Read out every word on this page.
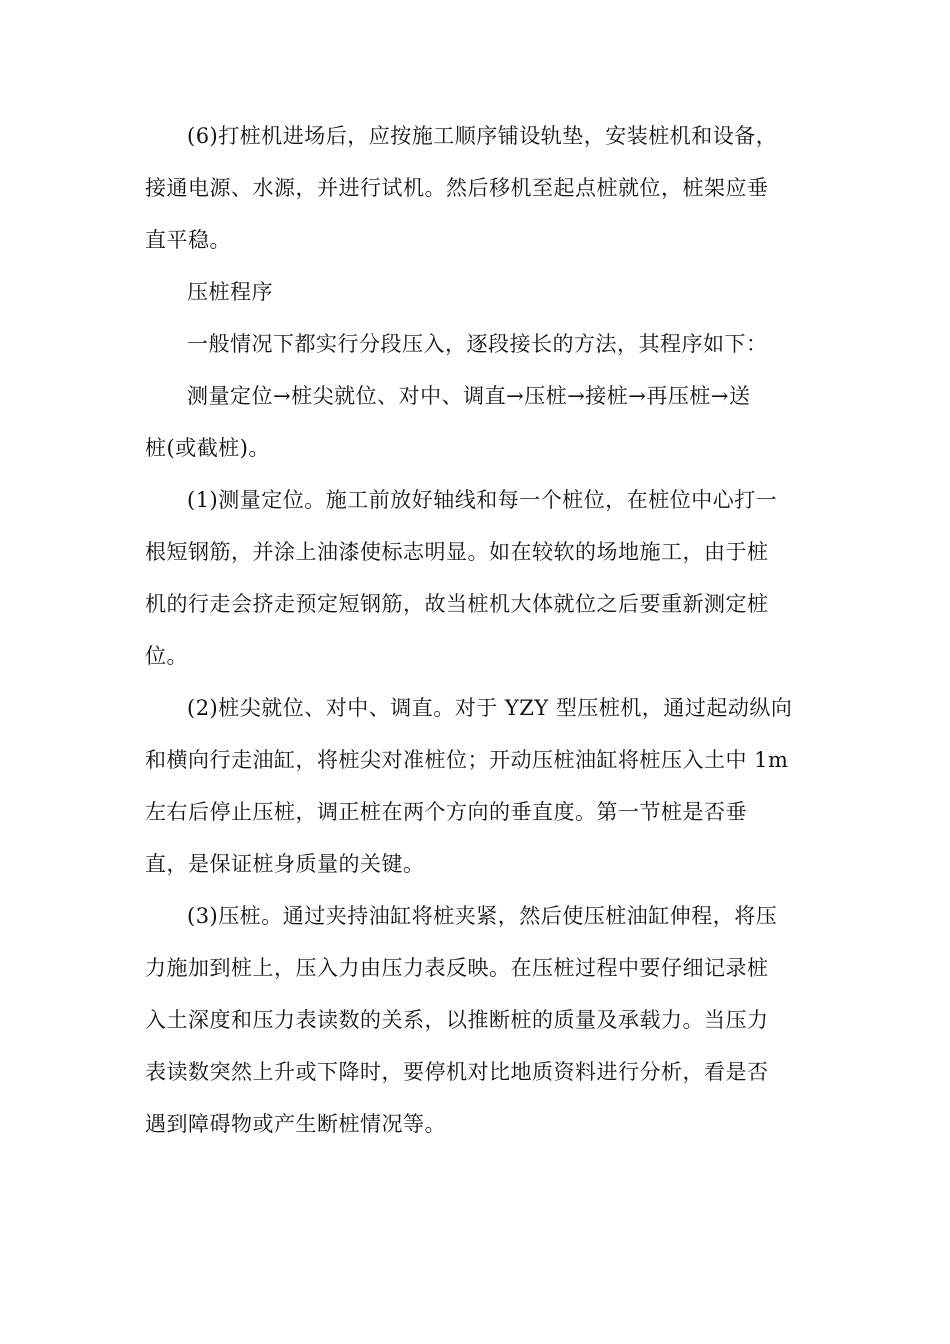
(6)打桩机进场后，应按施工顺序铺设轨垫，安装桩机和设备，
接通电源、水源，并进行试机。然后移机至起点桩就位，桩架应垂
直平稳。
压桩程序
一般情况下都实行分段压入，逐段接长的方法，其程序如下：
测量定位→桩尖就位、对中、调直→压桩→接桩→再压桩→送
桩(或截桩)。
(1)测量定位。施工前放好轴线和每一个桩位，在桩位中心打一
根短钢筋，并涂上油漆使标志明显。如在较软的场地施工，由于桩
机的行走会挤走预定短钢筋，故当桩机大体就位之后要重新测定桩
位。
(2)桩尖就位、对中、调直。对于 YZY 型压桩机，通过起动纵向
和横向行走油缸，将桩尖对准桩位；开动压桩油缸将桩压入土中 1m
左右后停止压桩，调正桩在两个方向的垂直度。第一节桩是否垂
直，是保证桩身质量的关键。
(3)压桩。通过夹持油缸将桩夹紧，然后使压桩油缸伸程，将压
力施加到桩上，压入力由压力表反映。在压桩过程中要仔细记录桩
入土深度和压力表读数的关系，以推断桩的质量及承载力。当压力
表读数突然上升或下降时，要停机对比地质资料进行分析，看是否
遇到障碍物或产生断桩情况等。
